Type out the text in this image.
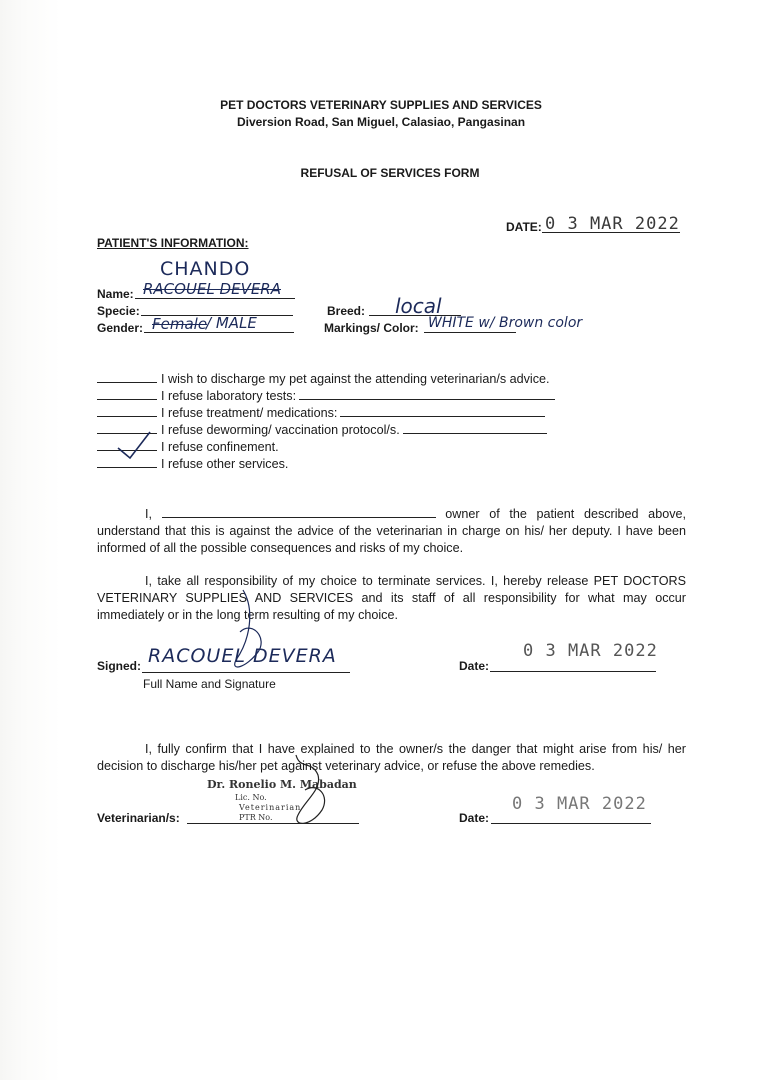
PET DOCTORS VETERINARY SUPPLIES AND SERVICES
Diversion Road, San Miguel, Calasiao, Pangasinan
REFUSAL OF SERVICES FORM
DATE: 0 3 MAR 2022
PATIENT'S INFORMATION:
CHANDO
Name: RACOUEL DEVERA
Specie:	Breed: local
Gender: Female
/ MALE	Markings/ Color: WHITE w/ Brown color
I wish to discharge my pet against the attending veterinarian/s advice.
I refuse laboratory tests:
I refuse treatment/ medications:
I refuse deworming/ vaccination protocol/s.
I refuse confinement.
I refuse other services.
I,	owner of the patient described above, understand that this is against the advice of the veterinarian in charge on his/ her deputy. I have been informed of all the possible consequences and risks of my choice.
I, take all responsibility of my choice to terminate services. I, hereby release PET DOCTORS VETERINARY SUPPLIES AND SERVICES and its staff of all responsibility for what may occur immediately or in the long term resulting of my choice.
Signed: RACOUEL DEVERA
Full Name and Signature
Date:
0 3 MAR 2022
I, fully confirm that I have explained to the owner/s the danger that might arise from his/ her decision to discharge his/her pet against veterinary advice, or refuse the above remedies.
Veterinarian/s:
Dr. Ronelio M. Mabadan
Lic. No.
Veterinarian
PTR No.	Date:
0 3 MAR 2022
